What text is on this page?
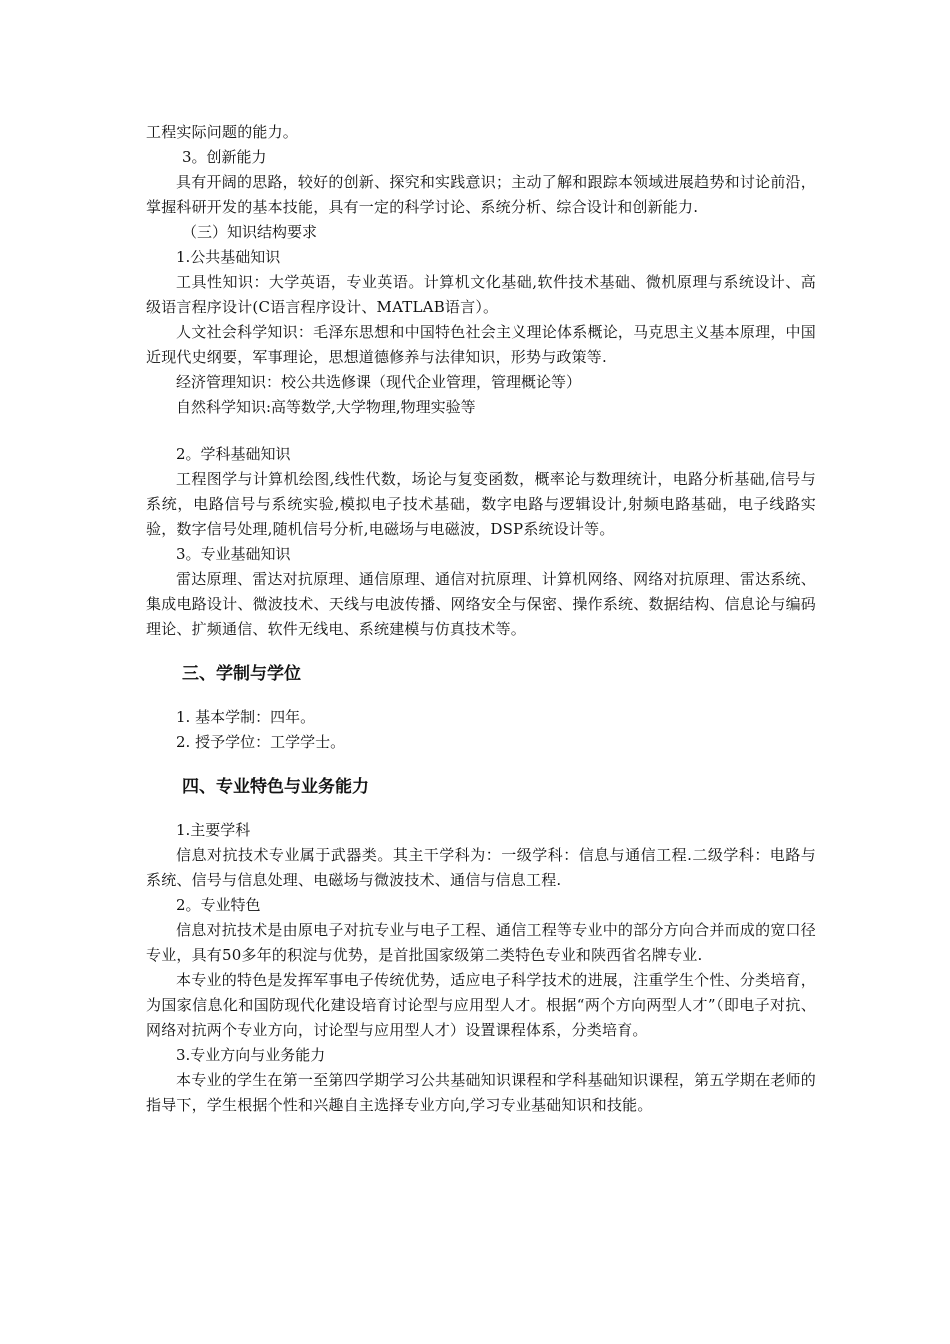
工程实际问题的能力。

3。创新能力

具有开阔的思路，较好的创新、探究和实践意识；主动了解和跟踪本领域进展趋势和讨论前沿，掌握科研开发的基本技能，具有一定的科学讨论、系统分析、综合设计和创新能力.

（三）知识结构要求

1.公共基础知识

工具性知识：大学英语，专业英语。计算机文化基础,软件技术基础、微机原理与系统设计、高级语言程序设计(C语言程序设计、MATLAB语言）。

人文社会科学知识：毛泽东思想和中国特色社会主义理论体系概论，马克思主义基本原理，中国近现代史纲要，军事理论，思想道德修养与法律知识，形势与政策等.

经济管理知识：校公共选修课（现代企业管理，管理概论等）

自然科学知识:高等数学,大学物理,物理实验等

2。学科基础知识

工程图学与计算机绘图,线性代数，场论与复变函数，概率论与数理统计，电路分析基础,信号与系统，电路信号与系统实验,模拟电子技术基础，数字电路与逻辑设计,射频电路基础，电子线路实验，数字信号处理,随机信号分析,电磁场与电磁波，DSP系统设计等。

3。专业基础知识

雷达原理、雷达对抗原理、通信原理、通信对抗原理、计算机网络、网络对抗原理、雷达系统、集成电路设计、微波技术、天线与电波传播、网络安全与保密、操作系统、数据结构、信息论与编码理论、扩频通信、软件无线电、系统建模与仿真技术等。

三、学制与学位

1. 基本学制：四年。

2. 授予学位：工学学士。

四、专业特色与业务能力

1.主要学科

信息对抗技术专业属于武器类。其主干学科为：一级学科：信息与通信工程.二级学科：电路与系统、信号与信息处理、电磁场与微波技术、通信与信息工程.

2。专业特色

信息对抗技术是由原电子对抗专业与电子工程、通信工程等专业中的部分方向合并而成的宽口径专业，具有50多年的积淀与优势，是首批国家级第二类特色专业和陕西省名牌专业.

本专业的特色是发挥军事电子传统优势，适应电子科学技术的进展，注重学生个性、分类培育，为国家信息化和国防现代化建设培育讨论型与应用型人才。根据“两个方向两型人才”（即电子对抗、网络对抗两个专业方向，讨论型与应用型人才）设置课程体系，分类培育。

3.专业方向与业务能力

本专业的学生在第一至第四学期学习公共基础知识课程和学科基础知识课程，第五学期在老师的指导下，学生根据个性和兴趣自主选择专业方向,学习专业基础知识和技能。
